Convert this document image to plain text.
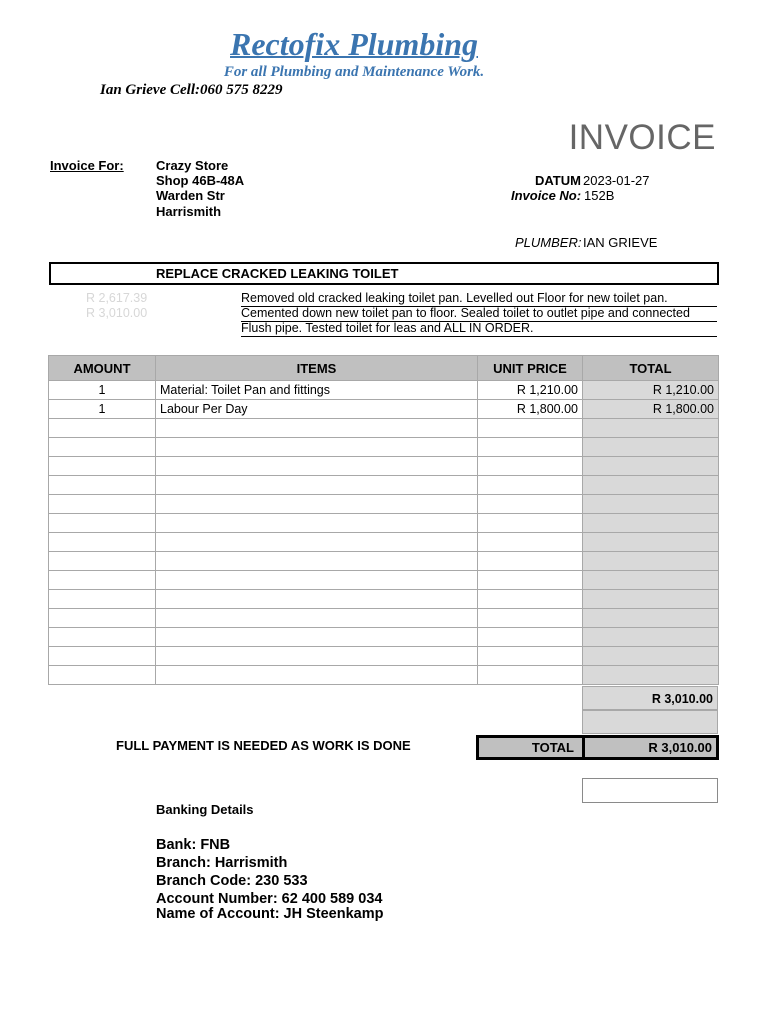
Rectofix Plumbing
For all Plumbing and Maintenance Work.
Ian Grieve Cell:060 575 8229
INVOICE
Invoice For: Crazy Store
Shop 46B-48A
Warden Str
Harrismith
DATUM 2023-01-27
Invoice No: 152B
PLUMBER: IAN GRIEVE
REPLACE CRACKED LEAKING TOILET
R 2,617.39
R 3,010.00
Removed old cracked leaking toilet pan. Levelled out Floor for new toilet pan.
Cemented down new toilet pan to floor. Sealed toilet to outlet pipe and connected
Flush pipe. Tested toilet for leas and ALL IN ORDER.
AMOUNT	ITEMS	UNIT PRICE	TOTAL
1	Material: Toilet Pan and fittings	R 1,210.00	R 1,210.00
1	Labour Per Day	R 1,800.00	R 1,800.00

R 3,010.00
FULL PAYMENT IS NEEDED AS WORK IS DONE	TOTAL	R 3,010.00
Banking Details
Bank: FNB
Branch: Harrismith
Branch Code: 230 533
Account Number: 62 400 589 034
Name of Account: JH Steenkamp
